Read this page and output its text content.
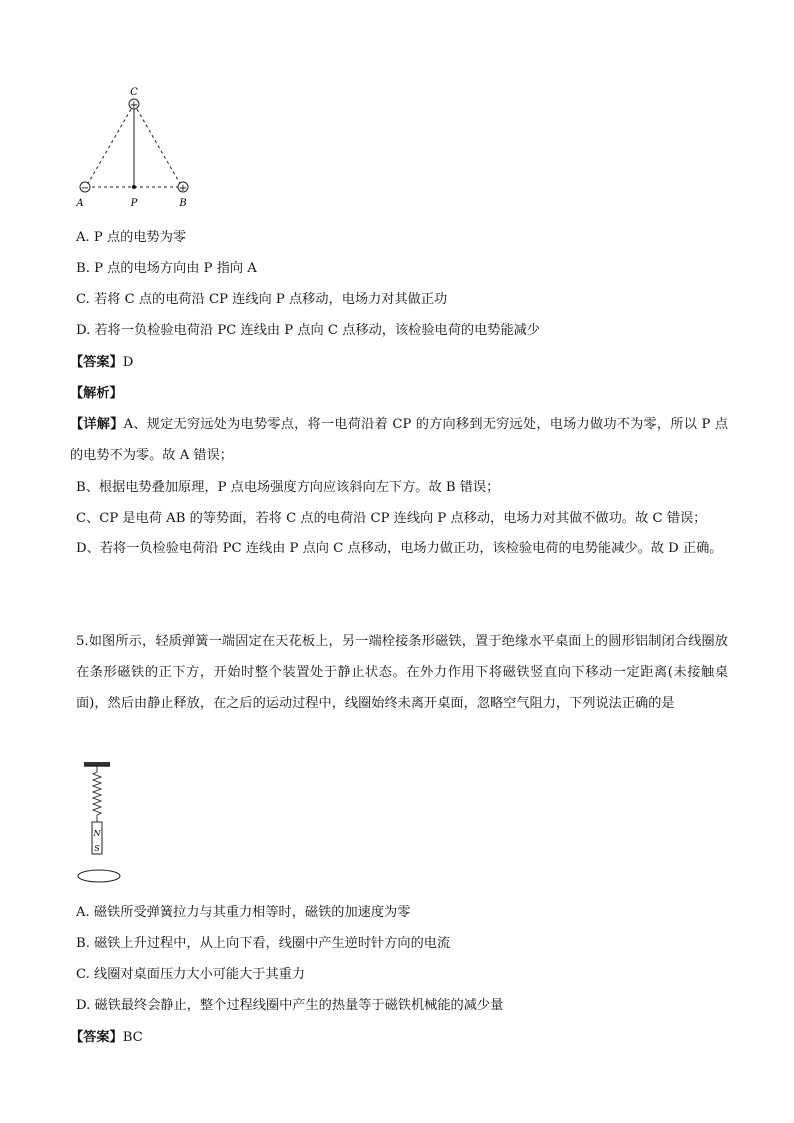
+
−	+
C
A	P	B
A. P 点的电势为零
B. P 点的电场方向由 P 指向 A
C. 若将 C 点的电荷沿 CP 连线向 P 点移动，电场力对其做正功
D. 若将一负检验电荷沿 PC 连线由 P 点向 C 点移动，该检验电荷的电势能减少
【答案】D
【解析】
【详解】A、规定无穷远处为电势零点，将一电荷沿着 CP 的方向移到无穷远处，电场力做功不为零，所以 P 点的电势不为零。故 A 错误；
B、根据电势叠加原理，P 点电场强度方向应该斜向左下方。故 B 错误；
C、CP 是电荷 AB 的等势面，若将 C 点的电荷沿 CP 连线向 P 点移动，电场力对其做不做功。故 C 错误；
D、若将一负检验电荷沿 PC 连线由 P 点向 C 点移动，电场力做正功，该检验电荷的电势能减少。故 D 正确。
5.如图所示，轻质弹簧一端固定在天花板上，另一端栓接条形磁铁，置于绝缘水平桌面上的圆形铝制闭合线圈放在条形磁铁的正下方，开始时整个装置处于静止状态。在外力作用下将磁铁竖直向下移动一定距离(未接触桌面)，然后由静止释放，在之后的运动过程中，线圈始终未离开桌面，忽略空气阻力，下列说法正确的是
N
S
A. 磁铁所受弹簧拉力与其重力相等时，磁铁的加速度为零
B. 磁铁上升过程中，从上向下看，线圈中产生逆时针方向的电流
C. 线圈对桌面压力大小可能大于其重力
D. 磁铁最终会静止，整个过程线圈中产生的热量等于磁铁机械能的减少量
【答案】BC
